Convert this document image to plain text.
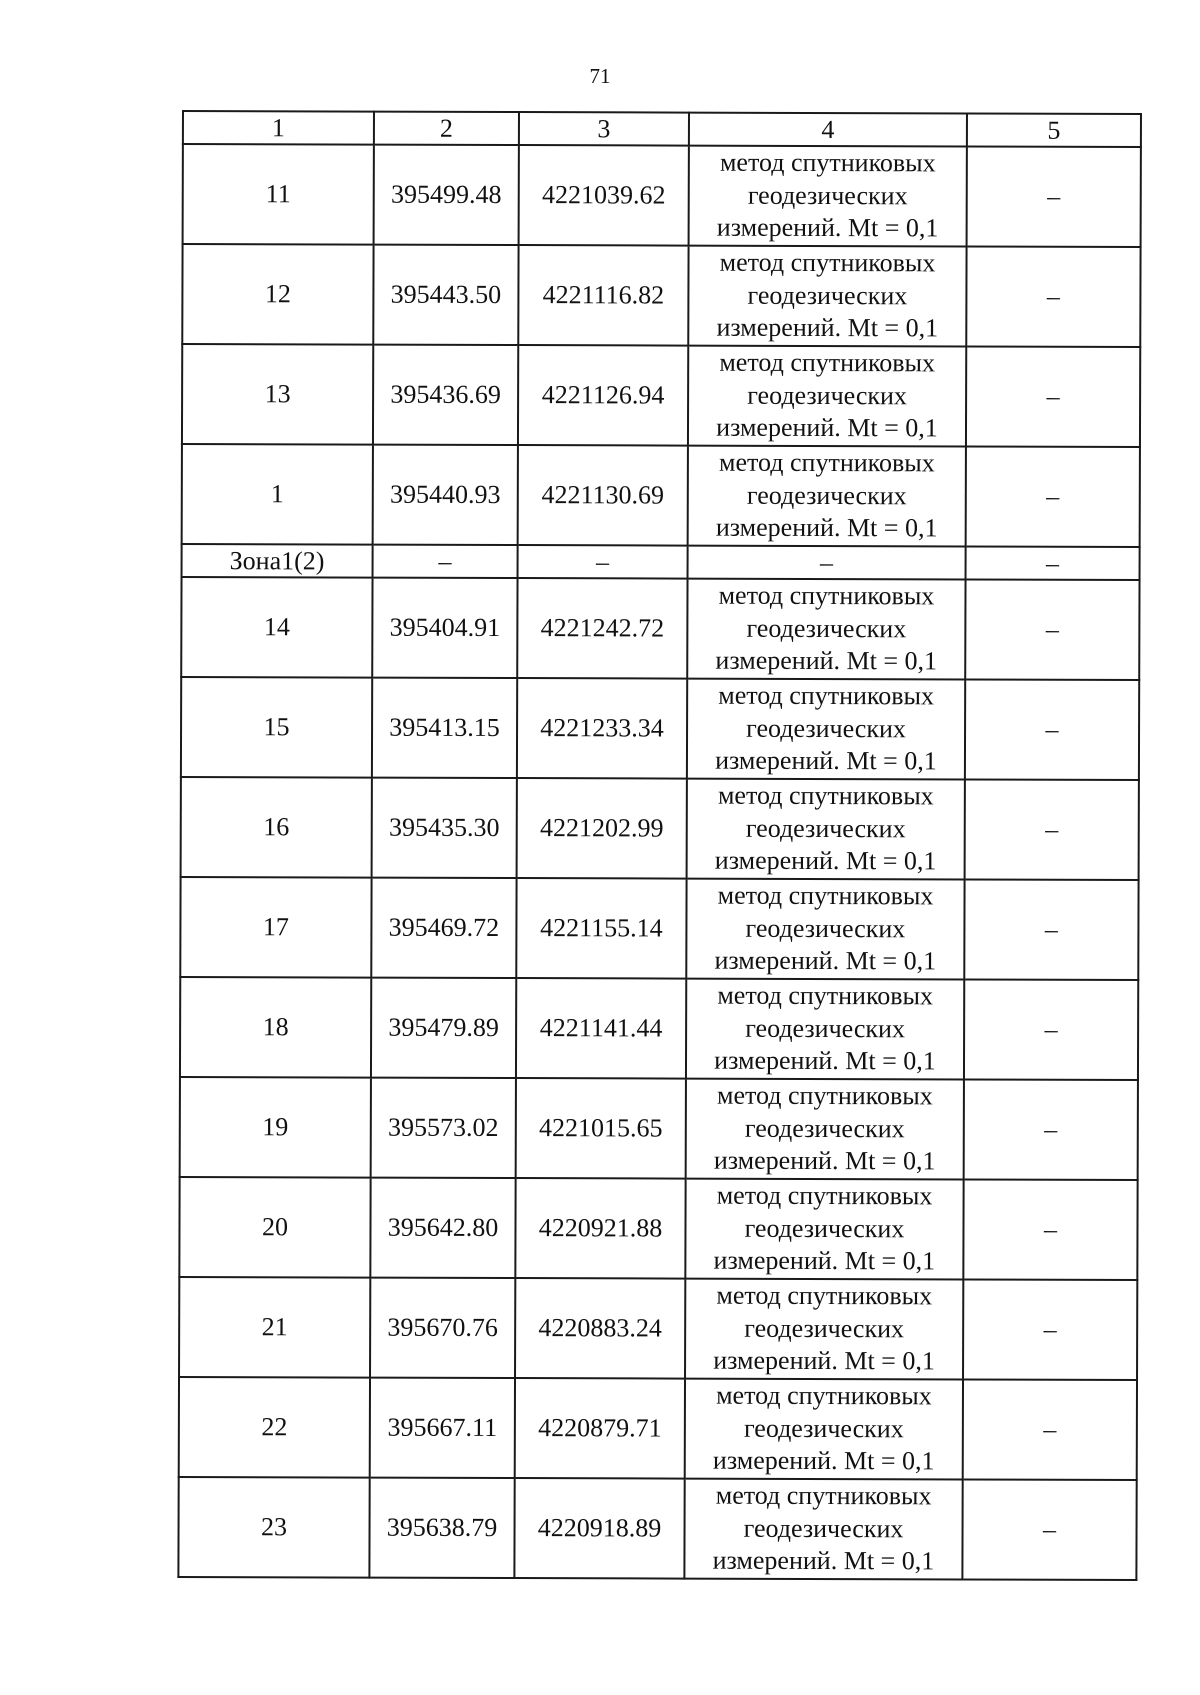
71
1	2	3	4	5
11	395499.48	4221039.62	метод спутниковых
геодезических
измерений. Mt = 0,1	–
12	395443.50	4221116.82	метод спутниковых
геодезических
измерений. Mt = 0,1	–
13	395436.69	4221126.94	метод спутниковых
геодезических
измерений. Mt = 0,1	–
1	395440.93	4221130.69	метод спутниковых
геодезических
измерений. Mt = 0,1	–
Зона1(2)	–	–	–	–
14	395404.91	4221242.72	метод спутниковых
геодезических
измерений. Mt = 0,1	–
15	395413.15	4221233.34	метод спутниковых
геодезических
измерений. Mt = 0,1	–
16	395435.30	4221202.99	метод спутниковых
геодезических
измерений. Mt = 0,1	–
17	395469.72	4221155.14	метод спутниковых
геодезических
измерений. Mt = 0,1	–
18	395479.89	4221141.44	метод спутниковых
геодезических
измерений. Mt = 0,1	–
19	395573.02	4221015.65	метод спутниковых
геодезических
измерений. Mt = 0,1	–
20	395642.80	4220921.88	метод спутниковых
геодезических
измерений. Mt = 0,1	–
21	395670.76	4220883.24	метод спутниковых
геодезических
измерений. Mt = 0,1	–
22	395667.11	4220879.71	метод спутниковых
геодезических
измерений. Mt = 0,1	–
23	395638.79	4220918.89	метод спутниковых
геодезических
измерений. Mt = 0,1	–
